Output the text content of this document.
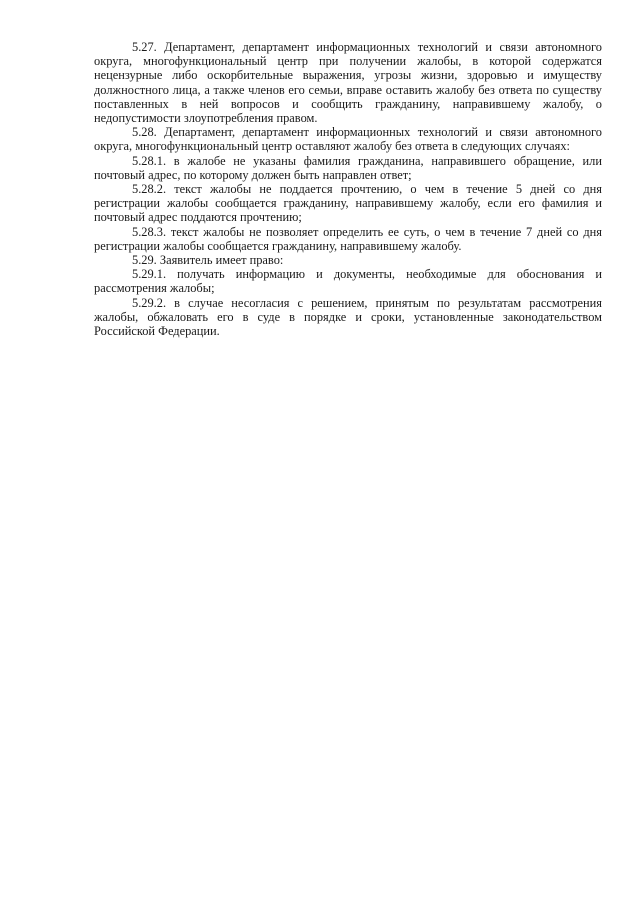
5.27. Департамент, департамент информационных технологий и связи автономного округа, многофункциональный центр при получении жалобы, в которой содержатся нецензурные либо оскорбительные выражения, угрозы жизни, здоровью и имуществу должностного лица, а также членов его семьи, вправе оставить жалобу без ответа по существу поставленных в ней вопросов и сообщить гражданину, направившему жалобу, о недопустимости злоупотребления правом.

5.28. Департамент, департамент информационных технологий и связи автономного округа, многофункциональный центр оставляют жалобу без ответа в следующих случаях:

5.28.1. в жалобе не указаны фамилия гражданина, направившего обращение, или почтовый адрес, по которому должен быть направлен ответ;

5.28.2. текст жалобы не поддается прочтению, о чем в течение 5 дней со дня регистрации жалобы сообщается гражданину, направившему жалобу, если его фамилия и почтовый адрес поддаются прочтению;

5.28.3. текст жалобы не позволяет определить ее суть, о чем в течение 7 дней со дня регистрации жалобы сообщается гражданину, направившему жалобу.

5.29. Заявитель имеет право:

5.29.1. получать информацию и документы, необходимые для обоснования и рассмотрения жалобы;

5.29.2. в случае несогласия с решением, принятым по результатам рассмотрения жалобы, обжаловать его в суде в порядке и сроки, установленные законодательством Российской Федерации.
